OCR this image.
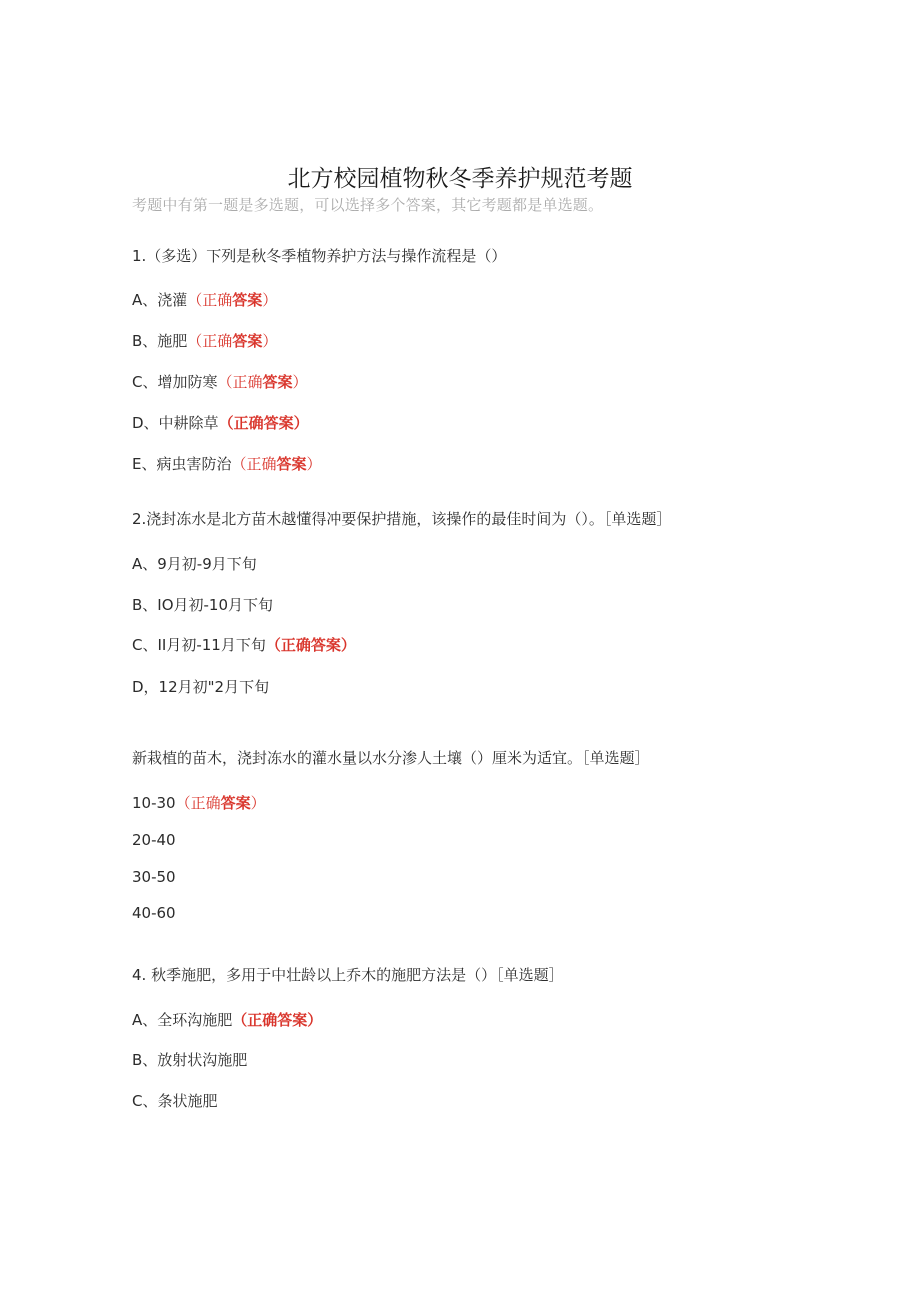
北方校园植物秋冬季养护规范考题
考题中有第一题是多选题，可以选择多个答案，其它考题都是单选题。
1.（多选）下列是秋冬季植物养护方法与操作流程是（）
A、浇灌（正确答案）
B、施肥（正确答案）
C、增加防寒（正确答案）
D、中耕除草（正确答案）
E、病虫害防治（正确答案）
2.浇封冻水是北方苗木越懂得冲要保护措施，该操作的最佳时间为（）。［单选题］
A、9月初-9月下旬
B、IO月初-10月下旬
C、II月初-11月下旬（正确答案）
D，12月初"2月下旬
新栽植的苗木，浇封冻水的灌水量以水分渗人土壤（）厘米为适宜。［单选题］
10-30（正确答案）
20-40
30-50
40-60
4. 秋季施肥，多用于中壮龄以上乔木的施肥方法是（）［单选题］
A、全环沟施肥（正确答案）
B、放射状沟施肥
C、条状施肥
